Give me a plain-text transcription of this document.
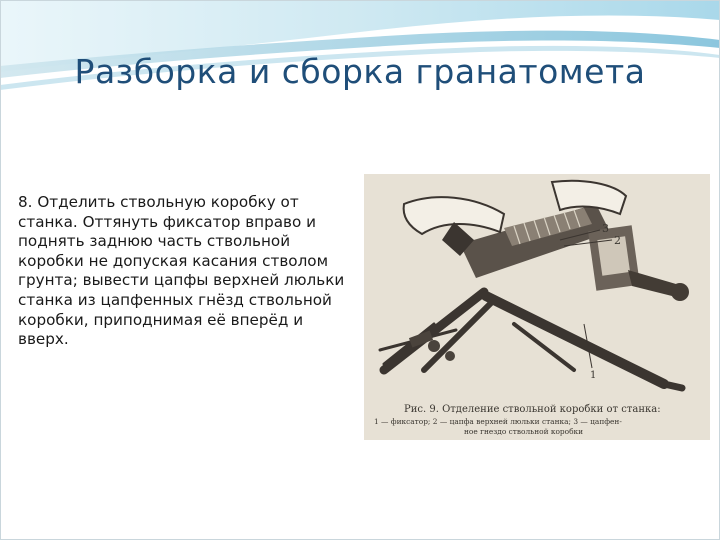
Разборка и сборка гранатомета

8. Отделить ствольную коробку от станка. Оттянуть фиксатор вправо и поднять заднюю часть ствольной коробки не допуская касания стволом грунта; вывести цапфы верхней люльки станка из цапфенных гнёзд ствольной коробки, приподнимая её вперёд и вверх.

3
2
1
Рис. 9. Отделение ствольной коробки от станка:
1 — фиксатор; 2 — цапфа верхней люльки станка; 3 — цапфен-
ное гнездо ствольной коробки
